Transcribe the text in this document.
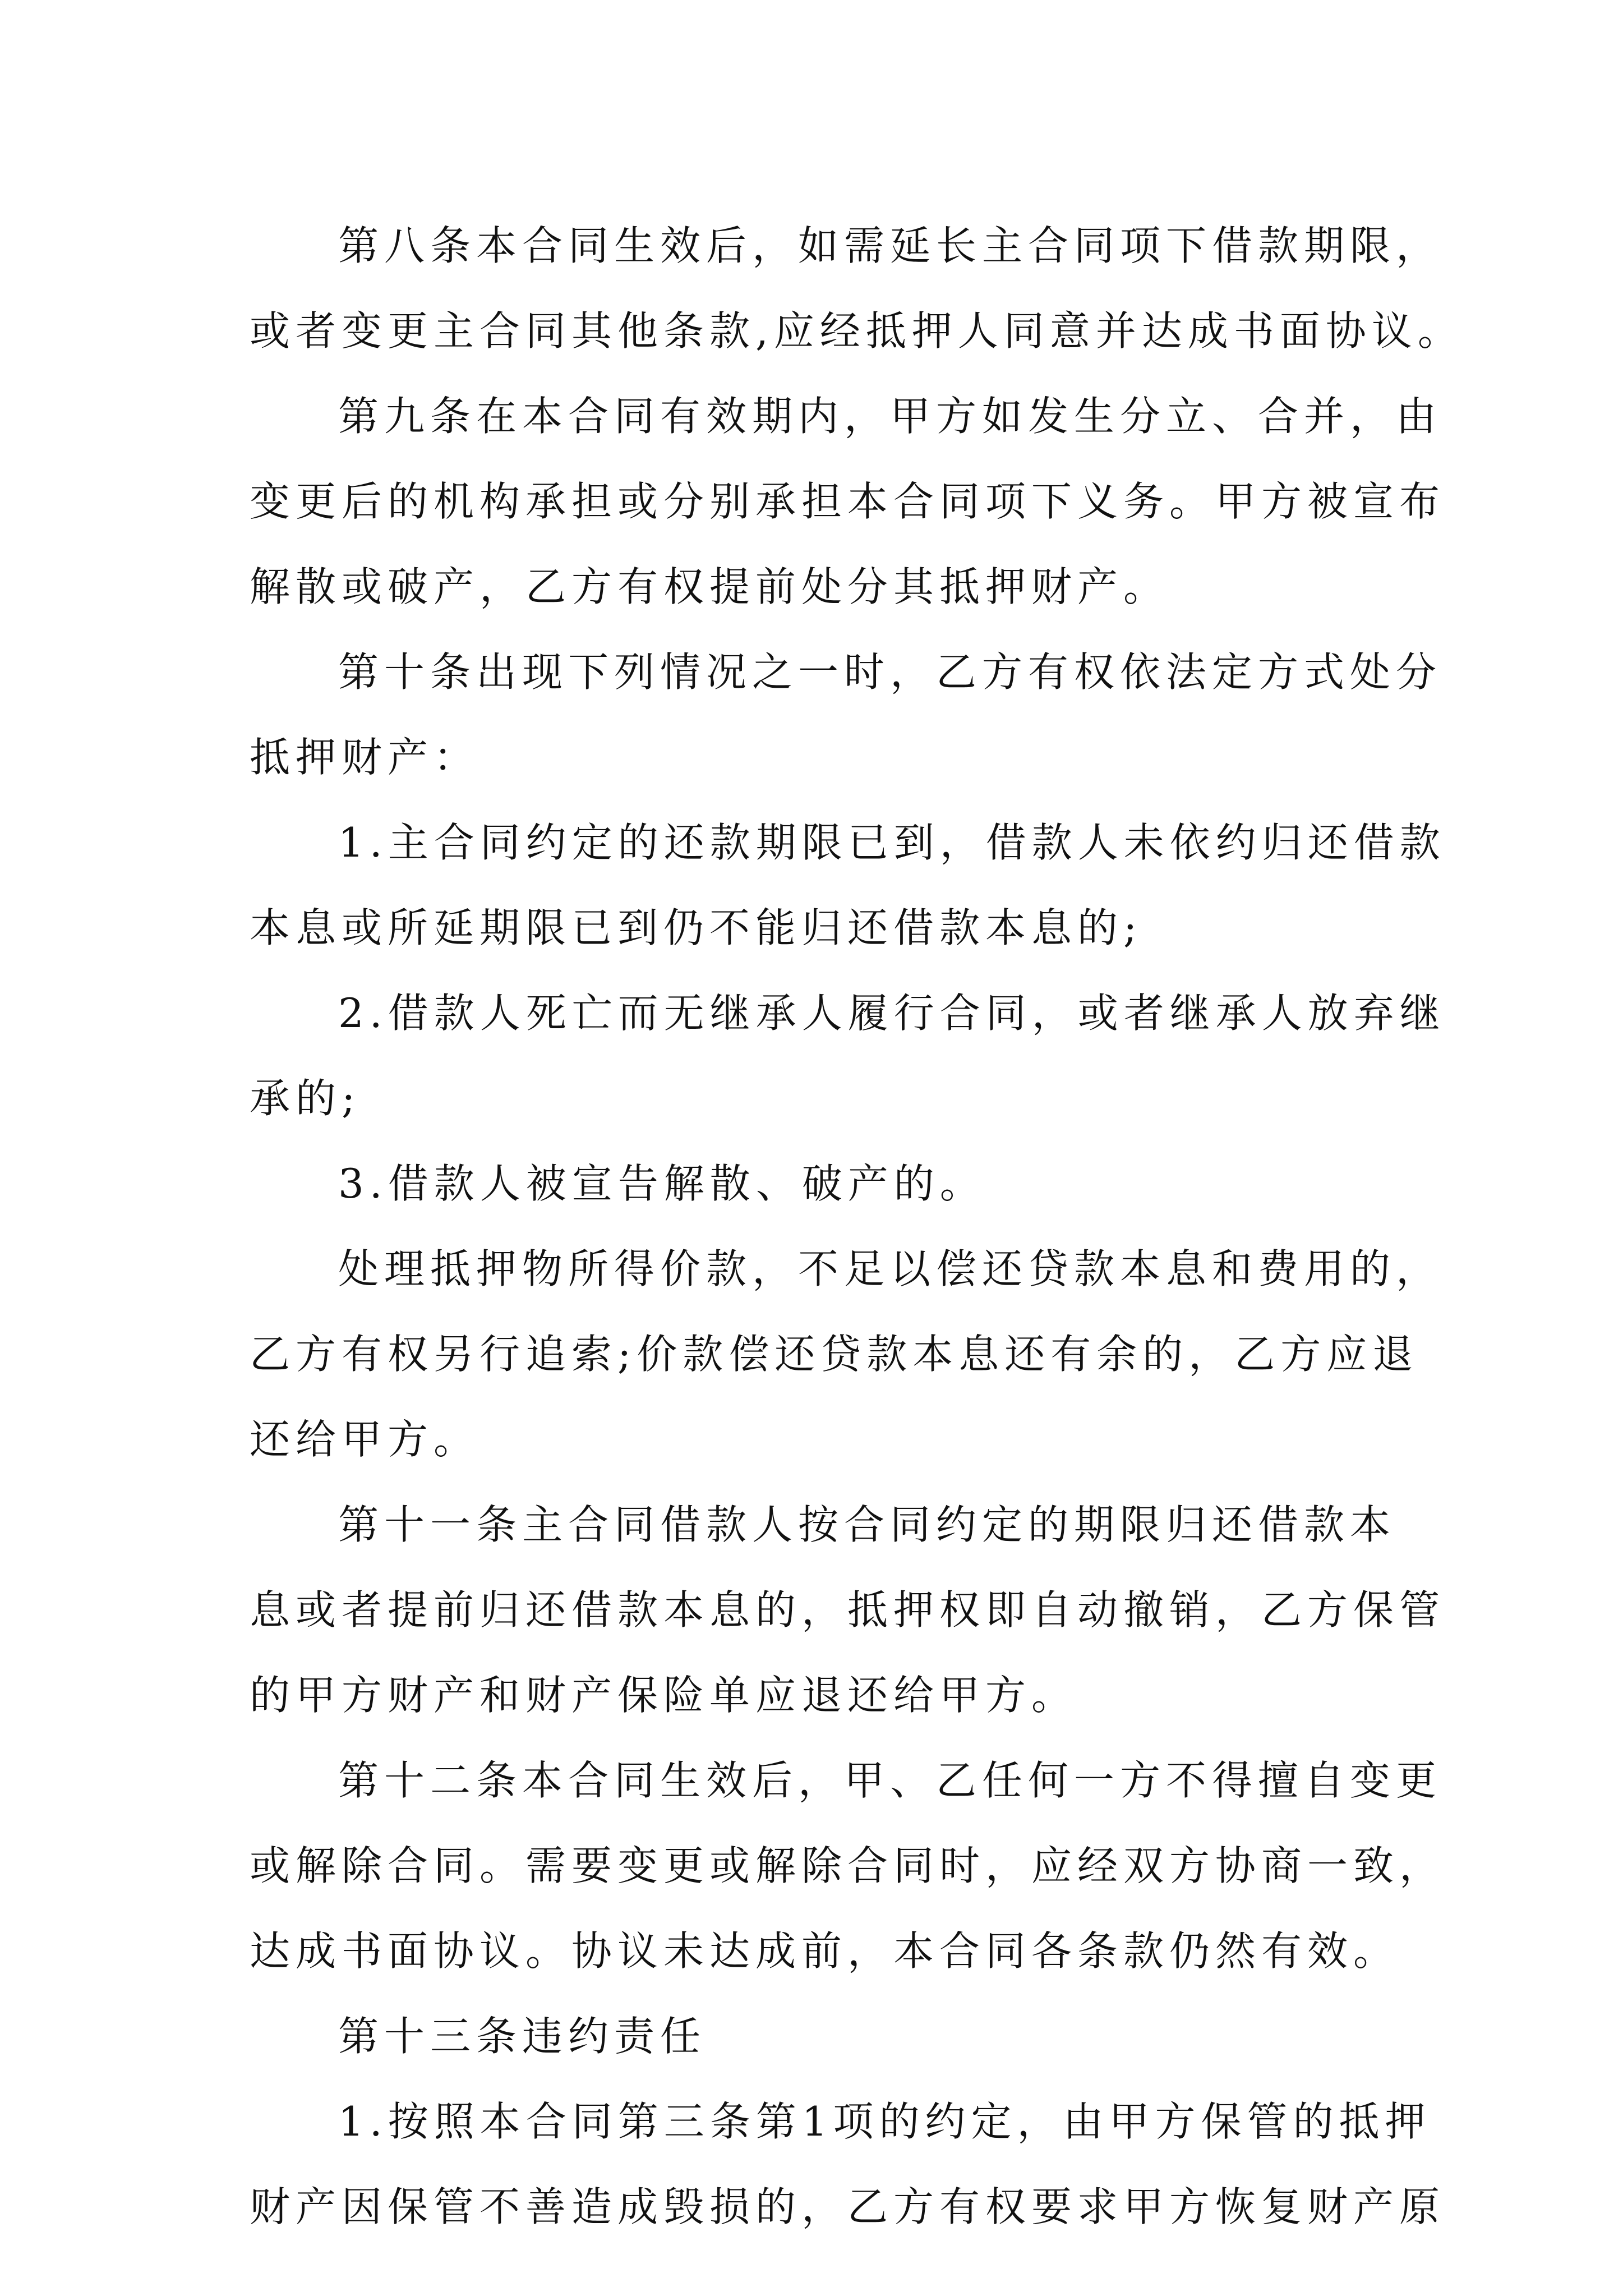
第八条本合同生效后，如需延长主合同项下借款期限，
或者变更主合同其他条款,应经抵押人同意并达成书面协议。
第九条在本合同有效期内，甲方如发生分立、合并，由
变更后的机构承担或分别承担本合同项下义务。甲方被宣布
解散或破产，乙方有权提前处分其抵押财产。
第十条出现下列情况之一时，乙方有权依法定方式处分
抵押财产：
1.主合同约定的还款期限已到，借款人未依约归还借款
本息或所延期限已到仍不能归还借款本息的;
2.借款人死亡而无继承人履行合同，或者继承人放弃继
承的;
3.借款人被宣告解散、破产的。
处理抵押物所得价款，不足以偿还贷款本息和费用的，
乙方有权另行追索;价款偿还贷款本息还有余的，乙方应退
还给甲方。
第十一条主合同借款人按合同约定的期限归还借款本
息或者提前归还借款本息的，抵押权即自动撤销，乙方保管
的甲方财产和财产保险单应退还给甲方。
第十二条本合同生效后，甲、乙任何一方不得擅自变更
或解除合同。需要变更或解除合同时，应经双方协商一致，
达成书面协议。协议未达成前，本合同各条款仍然有效。
第十三条违约责任
1.按照本合同第三条第1项的约定，由甲方保管的抵押
财产因保管不善造成毁损的，乙方有权要求甲方恢复财产原
